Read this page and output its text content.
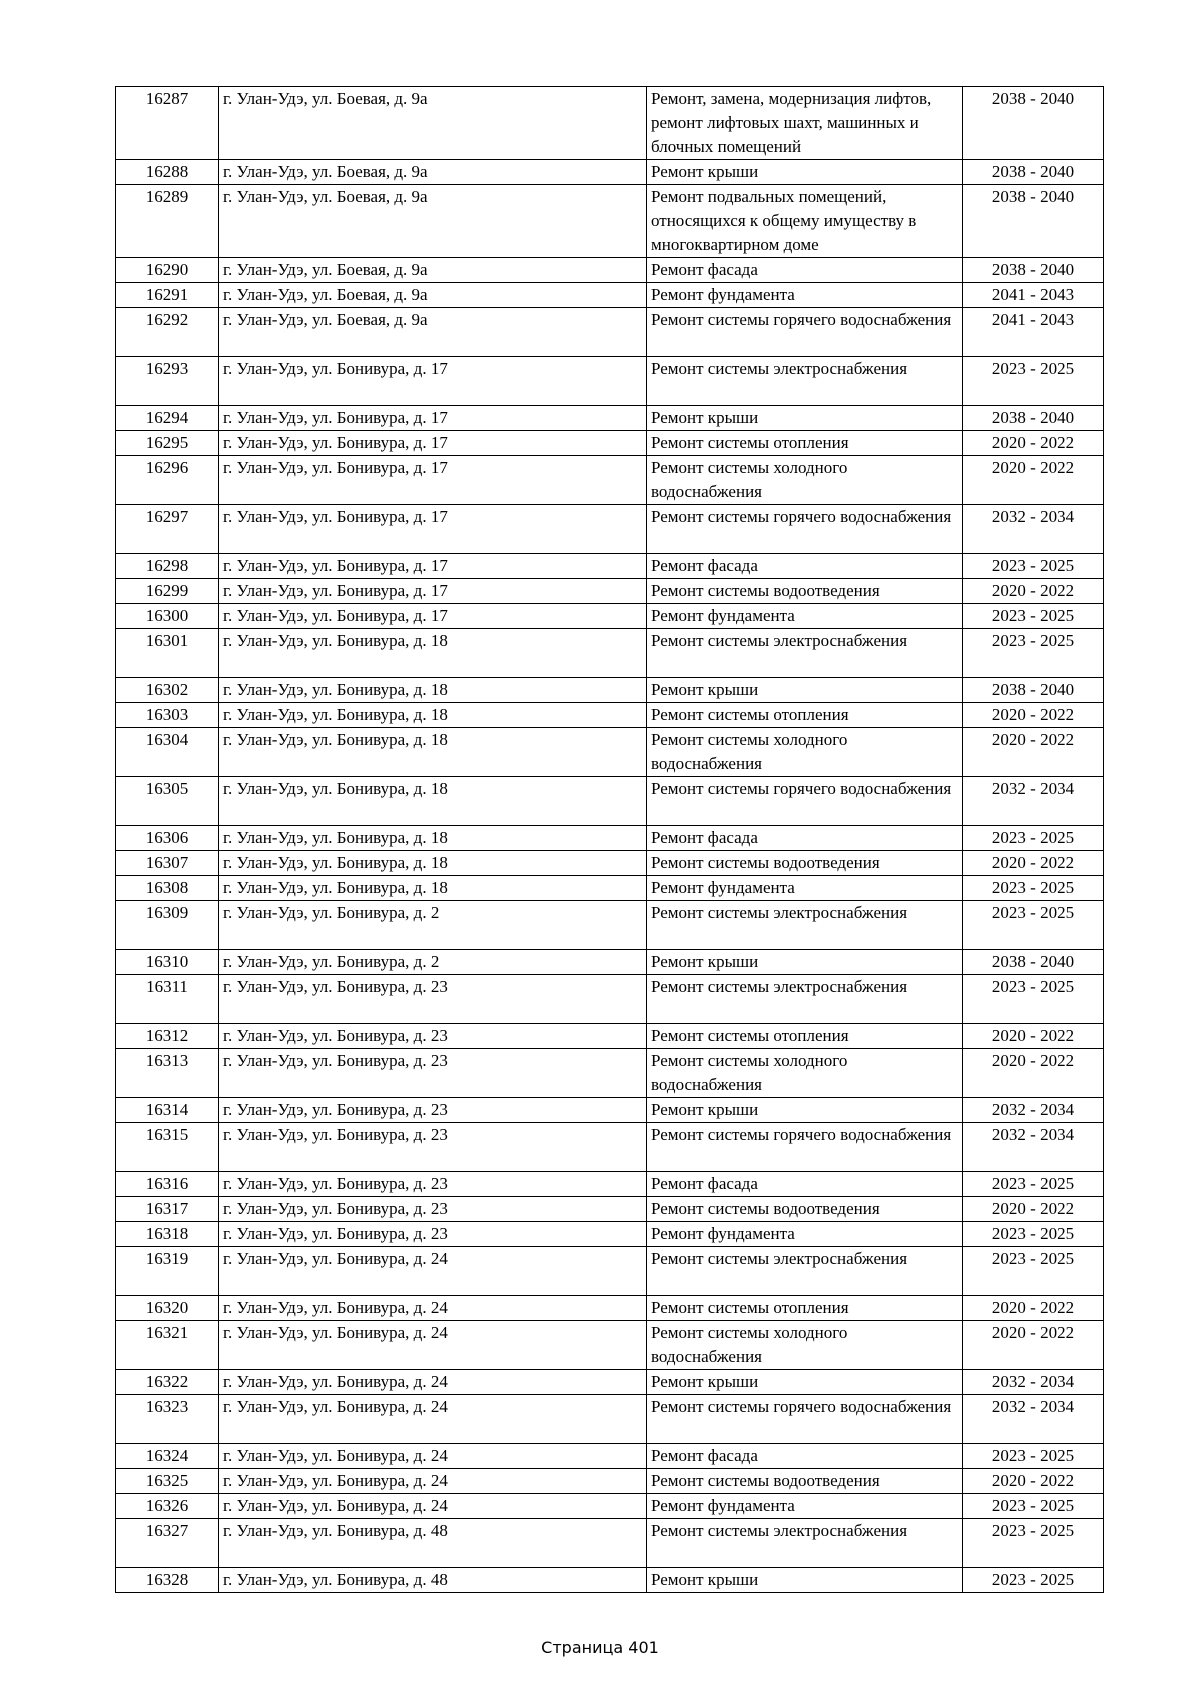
16287	г. Улан-Удэ, ул. Боевая, д. 9а	Ремонт, замена, модернизация лифтов, ремонт лифтовых шахт, машинных и блочных помещений	2038 - 2040
16288	г. Улан-Удэ, ул. Боевая, д. 9а	Ремонт крыши	2038 - 2040
16289	г. Улан-Удэ, ул. Боевая, д. 9а	Ремонт подвальных помещений, относящихся к общему имуществу в многоквартирном доме	2038 - 2040
16290	г. Улан-Удэ, ул. Боевая, д. 9а	Ремонт фасада	2038 - 2040
16291	г. Улан-Удэ, ул. Боевая, д. 9а	Ремонт фундамента	2041 - 2043
16292	г. Улан-Удэ, ул. Боевая, д. 9а	Ремонт системы горячего водоснабжения	2041 - 2043
16293	г. Улан-Удэ, ул. Бонивура, д. 17	Ремонт системы электроснабжения	2023 - 2025
16294	г. Улан-Удэ, ул. Бонивура, д. 17	Ремонт крыши	2038 - 2040
16295	г. Улан-Удэ, ул. Бонивура, д. 17	Ремонт системы отопления	2020 - 2022
16296	г. Улан-Удэ, ул. Бонивура, д. 17	Ремонт системы холодного водоснабжения	2020 - 2022
16297	г. Улан-Удэ, ул. Бонивура, д. 17	Ремонт системы горячего водоснабжения	2032 - 2034
16298	г. Улан-Удэ, ул. Бонивура, д. 17	Ремонт фасада	2023 - 2025
16299	г. Улан-Удэ, ул. Бонивура, д. 17	Ремонт системы водоотведения	2020 - 2022
16300	г. Улан-Удэ, ул. Бонивура, д. 17	Ремонт фундамента	2023 - 2025
16301	г. Улан-Удэ, ул. Бонивура, д. 18	Ремонт системы электроснабжения	2023 - 2025
16302	г. Улан-Удэ, ул. Бонивура, д. 18	Ремонт крыши	2038 - 2040
16303	г. Улан-Удэ, ул. Бонивура, д. 18	Ремонт системы отопления	2020 - 2022
16304	г. Улан-Удэ, ул. Бонивура, д. 18	Ремонт системы холодного водоснабжения	2020 - 2022
16305	г. Улан-Удэ, ул. Бонивура, д. 18	Ремонт системы горячего водоснабжения	2032 - 2034
16306	г. Улан-Удэ, ул. Бонивура, д. 18	Ремонт фасада	2023 - 2025
16307	г. Улан-Удэ, ул. Бонивура, д. 18	Ремонт системы водоотведения	2020 - 2022
16308	г. Улан-Удэ, ул. Бонивура, д. 18	Ремонт фундамента	2023 - 2025
16309	г. Улан-Удэ, ул. Бонивура, д. 2	Ремонт системы электроснабжения	2023 - 2025
16310	г. Улан-Удэ, ул. Бонивура, д. 2	Ремонт крыши	2038 - 2040
16311	г. Улан-Удэ, ул. Бонивура, д. 23	Ремонт системы электроснабжения	2023 - 2025
16312	г. Улан-Удэ, ул. Бонивура, д. 23	Ремонт системы отопления	2020 - 2022
16313	г. Улан-Удэ, ул. Бонивура, д. 23	Ремонт системы холодного водоснабжения	2020 - 2022
16314	г. Улан-Удэ, ул. Бонивура, д. 23	Ремонт крыши	2032 - 2034
16315	г. Улан-Удэ, ул. Бонивура, д. 23	Ремонт системы горячего водоснабжения	2032 - 2034
16316	г. Улан-Удэ, ул. Бонивура, д. 23	Ремонт фасада	2023 - 2025
16317	г. Улан-Удэ, ул. Бонивура, д. 23	Ремонт системы водоотведения	2020 - 2022
16318	г. Улан-Удэ, ул. Бонивура, д. 23	Ремонт фундамента	2023 - 2025
16319	г. Улан-Удэ, ул. Бонивура, д. 24	Ремонт системы электроснабжения	2023 - 2025
16320	г. Улан-Удэ, ул. Бонивура, д. 24	Ремонт системы отопления	2020 - 2022
16321	г. Улан-Удэ, ул. Бонивура, д. 24	Ремонт системы холодного водоснабжения	2020 - 2022
16322	г. Улан-Удэ, ул. Бонивура, д. 24	Ремонт крыши	2032 - 2034
16323	г. Улан-Удэ, ул. Бонивура, д. 24	Ремонт системы горячего водоснабжения	2032 - 2034
16324	г. Улан-Удэ, ул. Бонивура, д. 24	Ремонт фасада	2023 - 2025
16325	г. Улан-Удэ, ул. Бонивура, д. 24	Ремонт системы водоотведения	2020 - 2022
16326	г. Улан-Удэ, ул. Бонивура, д. 24	Ремонт фундамента	2023 - 2025
16327	г. Улан-Удэ, ул. Бонивура, д. 48	Ремонт системы электроснабжения	2023 - 2025
16328	г. Улан-Удэ, ул. Бонивура, д. 48	Ремонт крыши	2023 - 2025
Страница 401
